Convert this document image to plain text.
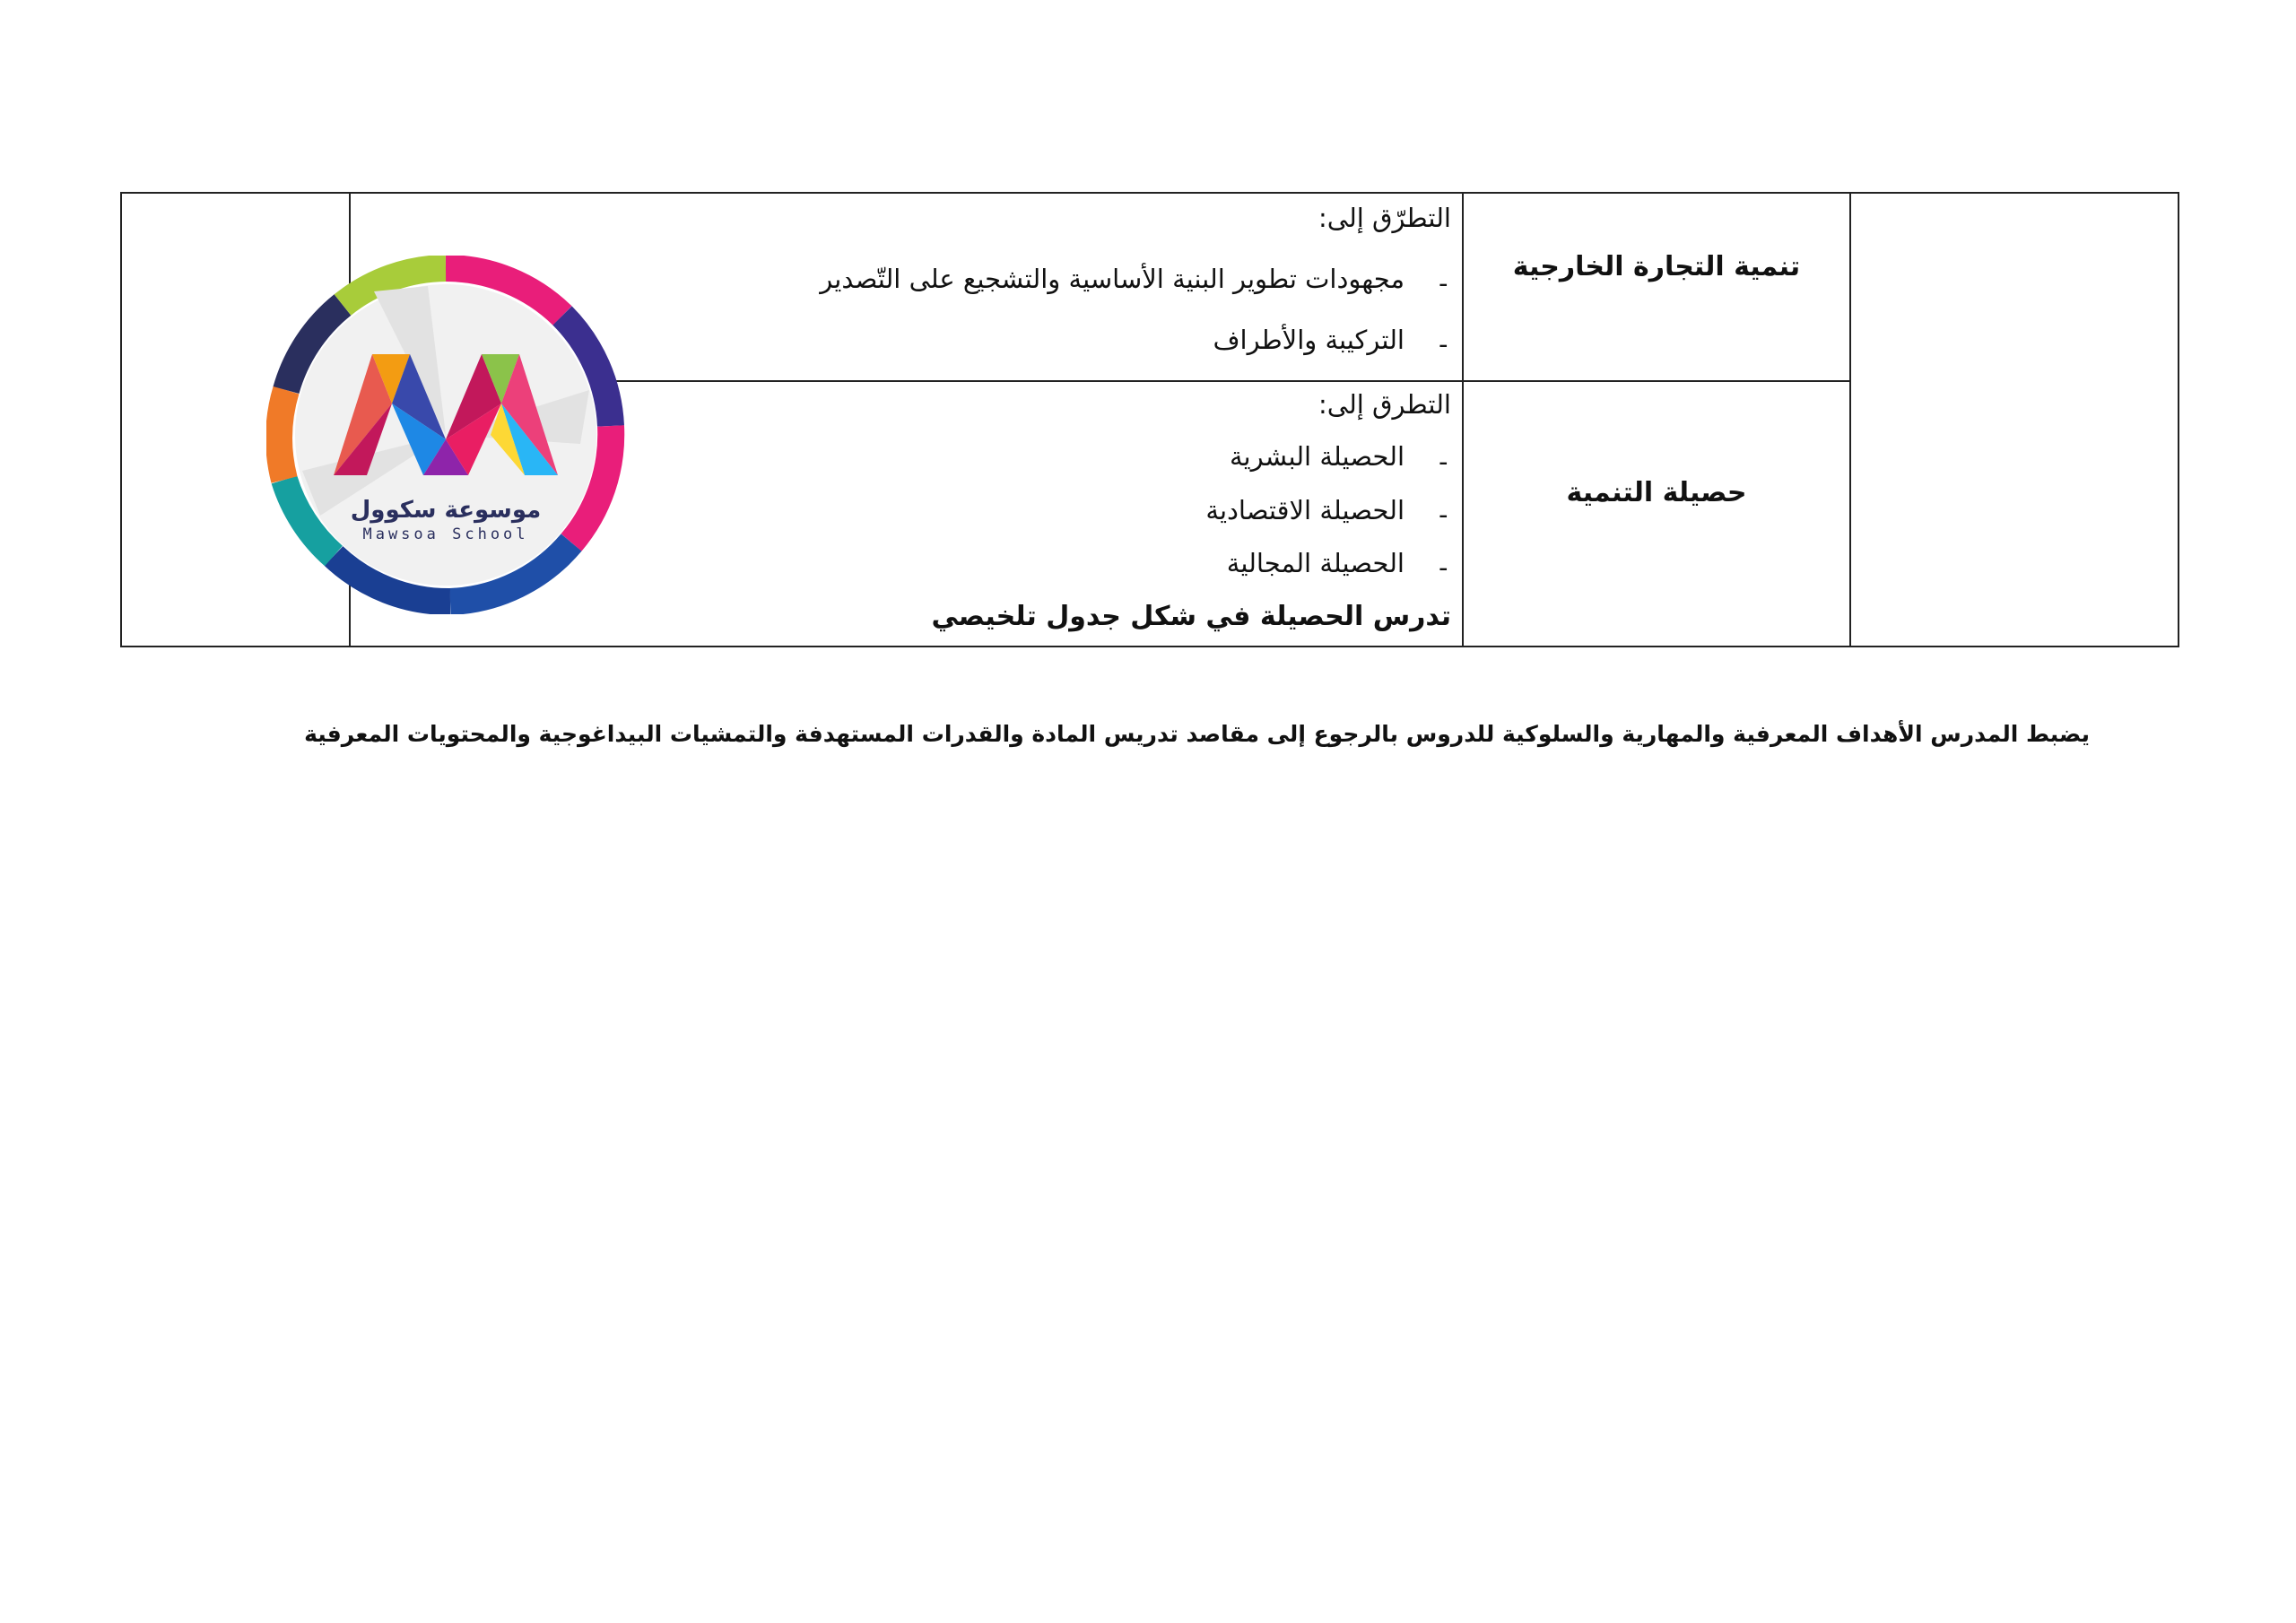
تنمية التجارة الخارجية
التطرّق إلى:
-
مجهودات تطوير البنية الأساسية والتشجيع على التّصدير
-
التركيبة والأطراف
حصيلة التنمية
التطرق إلى:
-
الحصيلة البشرية
-
الحصيلة الاقتصادية
-
الحصيلة المجالية
تدرس الحصيلة في شكل جدول تلخيصي
موسوعة سكوول
Mawsoa School
يضبط المدرس الأهداف المعرفية والمهارية والسلوكية للدروس بالرجوع إلى مقاصد تدريس المادة والقدرات المستهدفة والتمشيات البيداغوجية والمحتويات المعرفية
